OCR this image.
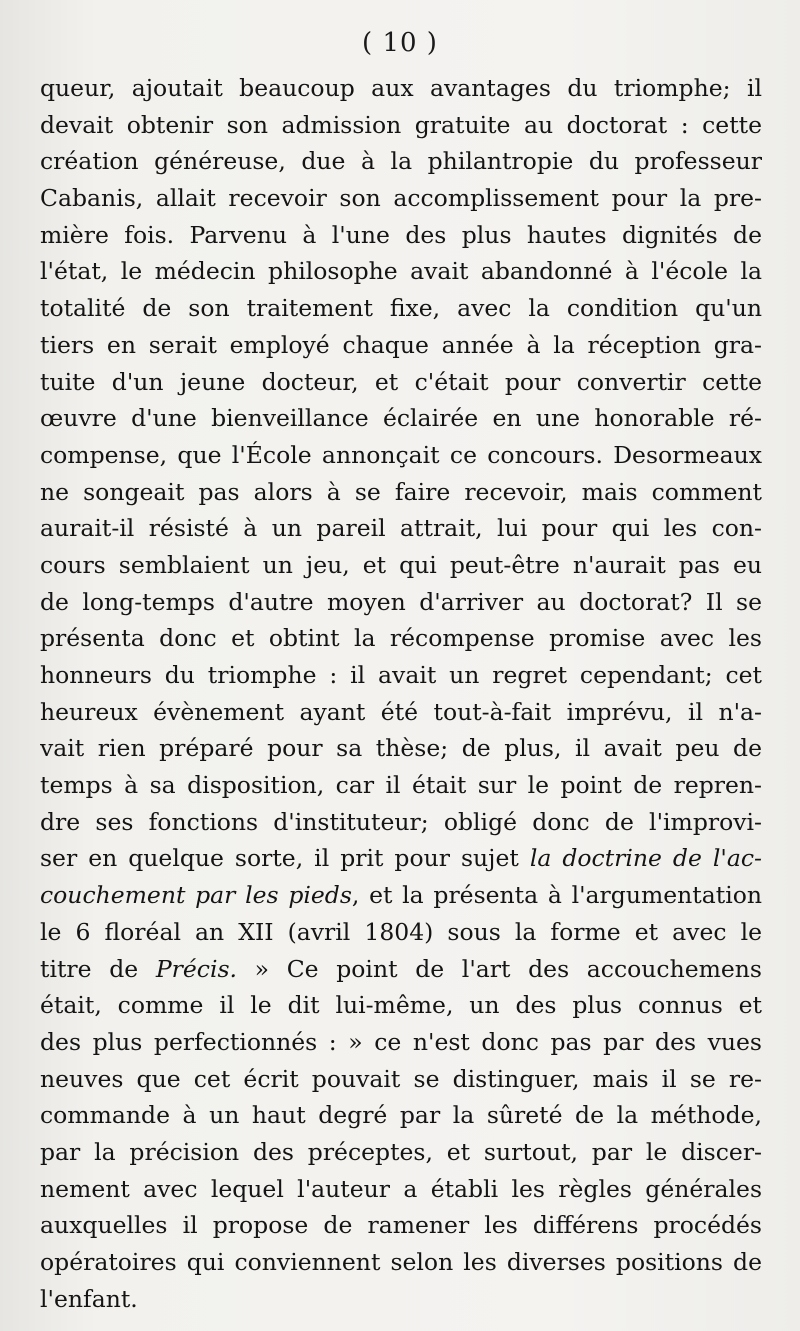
( 10 )
queur, ajoutait beaucoup aux avantages du triomphe; il
devait obtenir son admission gratuite au doctorat : cette
création généreuse, due à la philantropie du professeur
Cabanis, allait recevoir son accomplissement pour la pre-
mière fois. Parvenu à l'une des plus hautes dignités de
l'état, le médecin philosophe avait abandonné à l'école la
totalité de son traitement fixe, avec la condition qu'un
tiers en serait employé chaque année à la réception gra-
tuite d'un jeune docteur, et c'était pour convertir cette
œuvre d'une bienveillance éclairée en une honorable ré-
compense, que l'École annonçait ce concours. Desormeaux
ne songeait pas alors à se faire recevoir, mais comment
aurait-il résisté à un pareil attrait, lui pour qui les con-
cours semblaient un jeu, et qui peut-être n'aurait pas eu
de long-temps d'autre moyen d'arriver au doctorat? Il se
présenta donc et obtint la récompense promise avec les
honneurs du triomphe : il avait un regret cependant; cet
heureux évènement ayant été tout-à-fait imprévu, il n'a-
vait rien préparé pour sa thèse; de plus, il avait peu de
temps à sa disposition, car il était sur le point de repren-
dre ses fonctions d'instituteur; obligé donc de l'improvi-
ser en quelque sorte, il prit pour sujet la doctrine de l'ac-
couchement par les pieds, et la présenta à l'argumentation
le 6 floréal an XII (avril 1804) sous la forme et avec le
titre de Précis. » Ce point de l'art des accouchemens
était, comme il le dit lui-même, un des plus connus et
des plus perfectionnés : » ce n'est donc pas par des vues
neuves que cet écrit pouvait se distinguer, mais il se re-
commande à un haut degré par la sûreté de la méthode,
par la précision des préceptes, et surtout, par le discer-
nement avec lequel l'auteur a établi les règles générales
auxquelles il propose de ramener les différens procédés
opératoires qui conviennent selon les diverses positions de
l'enfant.
